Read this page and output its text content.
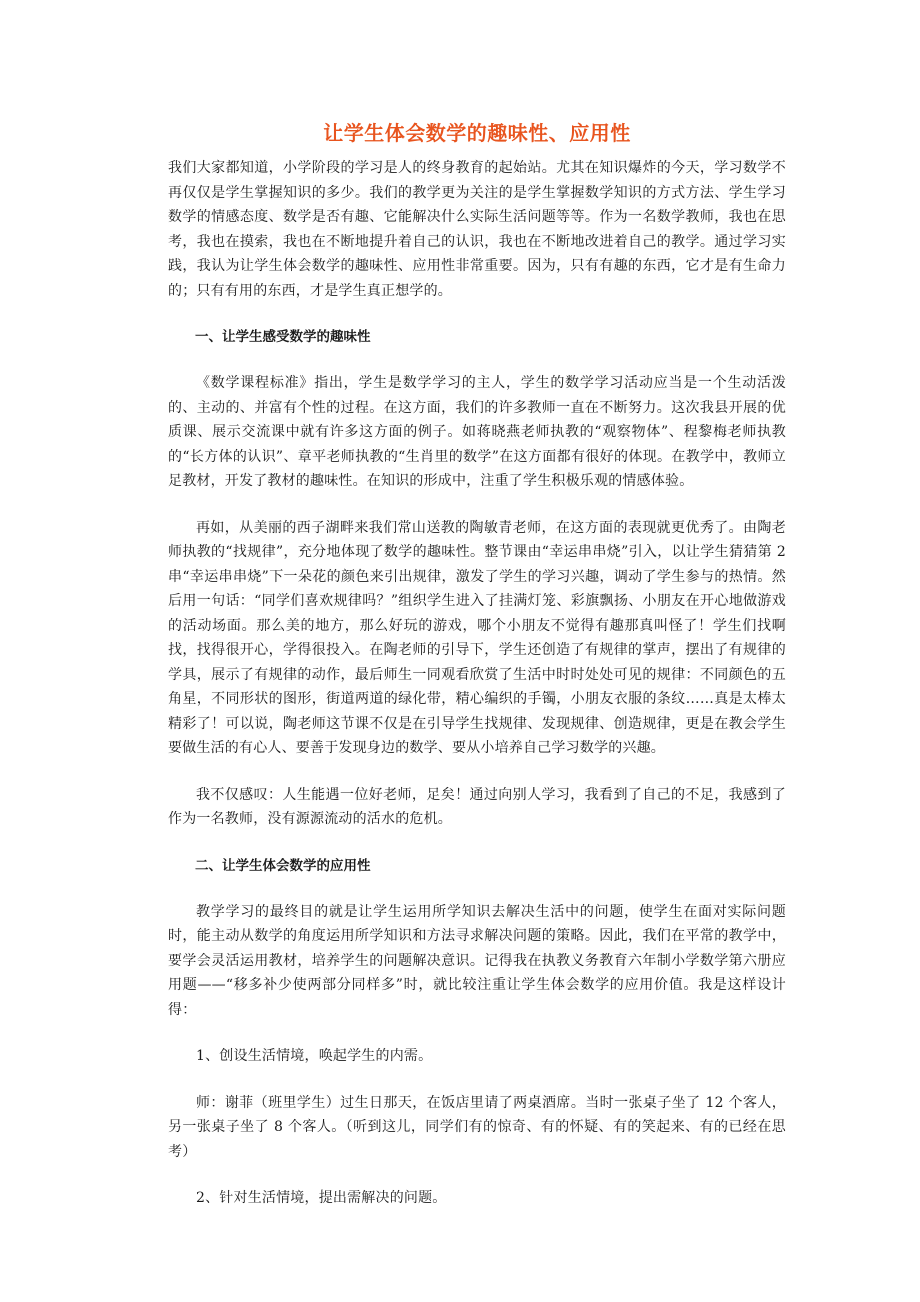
让学生体会数学的趣味性、应用性

我们大家都知道，小学阶段的学习是人的终身教育的起始站。尤其在知识爆炸的今天，学习数学不再仅仅是学生掌握知识的多少。我们的教学更为关注的是学生掌握数学知识的方式方法、学生学习数学的情感态度、数学是否有趣、它能解决什么实际生活问题等等。作为一名数学教师，我也在思考，我也在摸索，我也在不断地提升着自己的认识，我也在不断地改进着自己的教学。通过学习实践，我认为让学生体会数学的趣味性、应用性非常重要。因为，只有有趣的东西，它才是有生命力的；只有有用的东西，才是学生真正想学的。

一、让学生感受数学的趣味性

《数学课程标准》指出，学生是数学学习的主人，学生的数学学习活动应当是一个生动活泼的、主动的、并富有个性的过程。在这方面，我们的许多教师一直在不断努力。这次我县开展的优质课、展示交流课中就有许多这方面的例子。如蒋晓燕老师执教的“观察物体”、程黎梅老师执教的“长方体的认识”、章平老师执教的“生肖里的数学”在这方面都有很好的体现。在教学中，教师立足教材，开发了教材的趣味性。在知识的形成中，注重了学生积极乐观的情感体验。

再如，从美丽的西子湖畔来我们常山送教的陶敏青老师，在这方面的表现就更优秀了。由陶老师执教的“找规律”，充分地体现了数学的趣味性。整节课由“幸运串串烧”引入，以让学生猜猜第 2 串“幸运串串烧”下一朵花的颜色来引出规律，激发了学生的学习兴趣，调动了学生参与的热情。然后用一句话：“同学们喜欢规律吗？”组织学生进入了挂满灯笼、彩旗飘扬、小朋友在开心地做游戏的活动场面。那么美的地方，那么好玩的游戏，哪个小朋友不觉得有趣那真叫怪了！学生们找啊找，找得很开心，学得很投入。在陶老师的引导下，学生还创造了有规律的掌声，摆出了有规律的学具，展示了有规律的动作，最后师生一同观看欣赏了生活中时时处处可见的规律：不同颜色的五角星，不同形状的图形，街道两道的绿化带，精心编织的手镯，小朋友衣服的条纹……真是太棒太精彩了！可以说，陶老师这节课不仅是在引导学生找规律、发现规律、创造规律，更是在教会学生要做生活的有心人、要善于发现身边的数学、要从小培养自己学习数学的兴趣。

我不仅感叹：人生能遇一位好老师，足矣！通过向别人学习，我看到了自己的不足，我感到了作为一名教师，没有源源流动的活水的危机。

二、让学生体会数学的应用性

教学学习的最终目的就是让学生运用所学知识去解决生活中的问题，使学生在面对实际问题时，能主动从数学的角度运用所学知识和方法寻求解决问题的策略。因此，我们在平常的教学中，要学会灵活运用教材，培养学生的问题解决意识。记得我在执教义务教育六年制小学数学第六册应用题——“移多补少使两部分同样多”时，就比较注重让学生体会数学的应用价值。我是这样设计得：

1、创设生活情境，唤起学生的内需。

师：谢菲（班里学生）过生日那天，在饭店里请了两桌酒席。当时一张桌子坐了 12 个客人，另一张桌子坐了 8 个客人。（听到这儿，同学们有的惊奇、有的怀疑、有的笑起来、有的已经在思考）

2、针对生活情境，提出需解决的问题。
